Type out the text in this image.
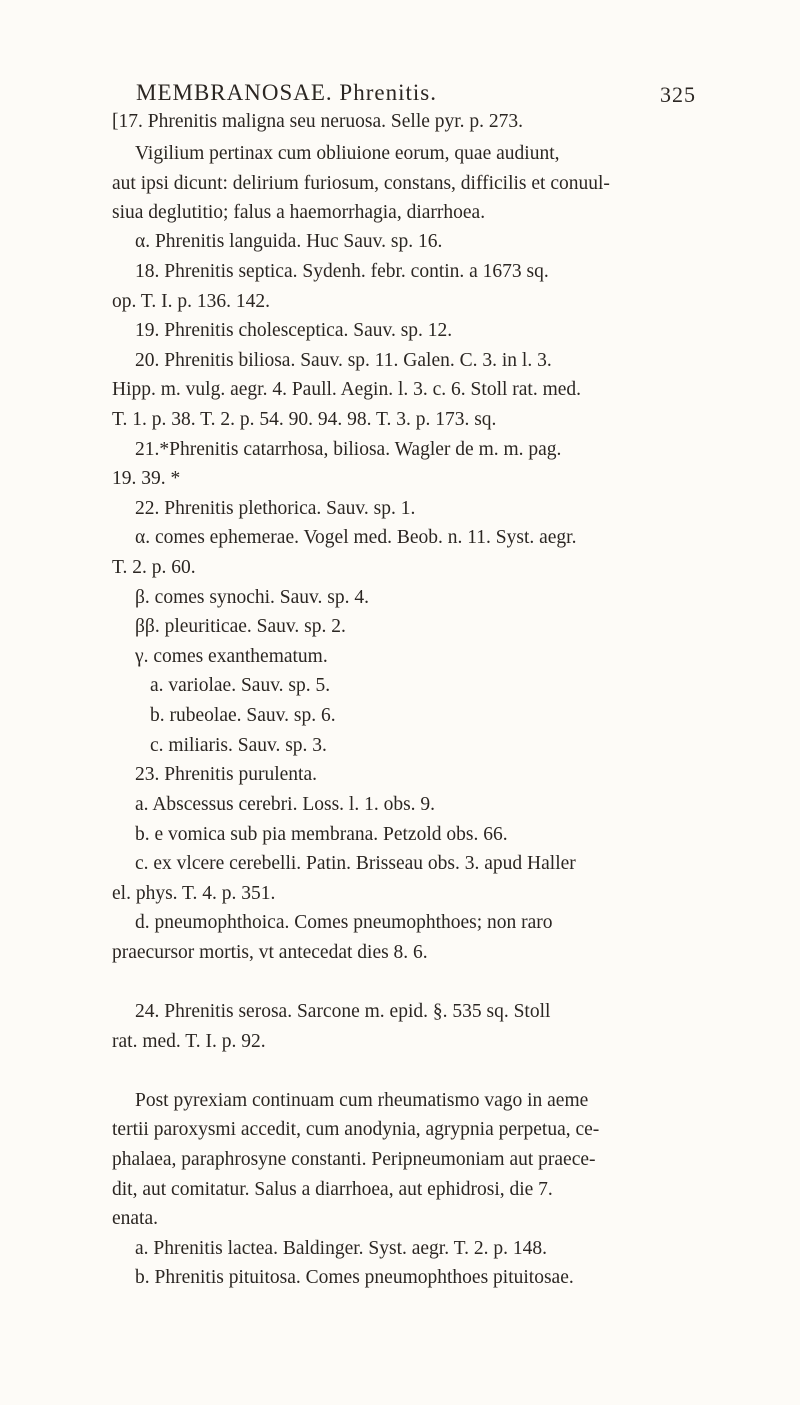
MEMBRANOSAE. Phrenitis.	325
[17. Phrenitis maligna seu neruosa. Selle pyr. p. 273.
Vigilium pertinax cum obliuione eorum, quae audiunt,
aut ipsi dicunt: delirium furiosum, constans, difficilis et conuul-
siua deglutitio; falus a haemorrhagia, diarrhoea.
α. Phrenitis languida. Huc Sauv. sp. 16.
18. Phrenitis septica. Sydenh. febr. contin. a 1673 sq.
op. T. I. p. 136. 142.
19. Phrenitis cholesceptica. Sauv. sp. 12.
20. Phrenitis biliosa. Sauv. sp. 11. Galen. C. 3. in l. 3.
Hipp. m. vulg. aegr. 4. Paull. Aegin. l. 3. c. 6. Stoll rat. med.
T. 1. p. 38. T. 2. p. 54. 90. 94. 98. T. 3. p. 173. sq.
21.*Phrenitis catarrhosa, biliosa. Wagler de m. m. pag.
19. 39. *
22. Phrenitis plethorica. Sauv. sp. 1.
α. comes ephemerae. Vogel med. Beob. n. 11. Syst. aegr.
T. 2. p. 60.
β. comes synochi. Sauv. sp. 4.
ββ. pleuriticae. Sauv. sp. 2.
γ. comes exanthematum.
a. variolae. Sauv. sp. 5.
b. rubeolae. Sauv. sp. 6.
c. miliaris. Sauv. sp. 3.
23. Phrenitis purulenta.
a. Abscessus cerebri. Loss. l. 1. obs. 9.
b. e vomica sub pia membrana. Petzold obs. 66.
c. ex vlcere cerebelli. Patin. Brisseau obs. 3. apud Haller
el. phys. T. 4. p. 351.
d. pneumophthoica. Comes pneumophthoes; non raro
praecursor mortis, vt antecedat dies 8. 6.
24. Phrenitis serosa. Sarcone m. epid. §. 535 sq. Stoll
rat. med. T. I. p. 92.
Post pyrexiam continuam cum rheumatismo vago in aeme
tertii paroxysmi accedit, cum anodynia, agrypnia perpetua, ce-
phalaea, paraphrosyne constanti. Peripneumoniam aut praece-
dit, aut comitatur. Salus a diarrhoea, aut ephidrosi, die 7.
enata.
a. Phrenitis lactea. Baldinger. Syst. aegr. T. 2. p. 148.
b. Phrenitis pituitosa. Comes pneumophthoes pituitosae.
